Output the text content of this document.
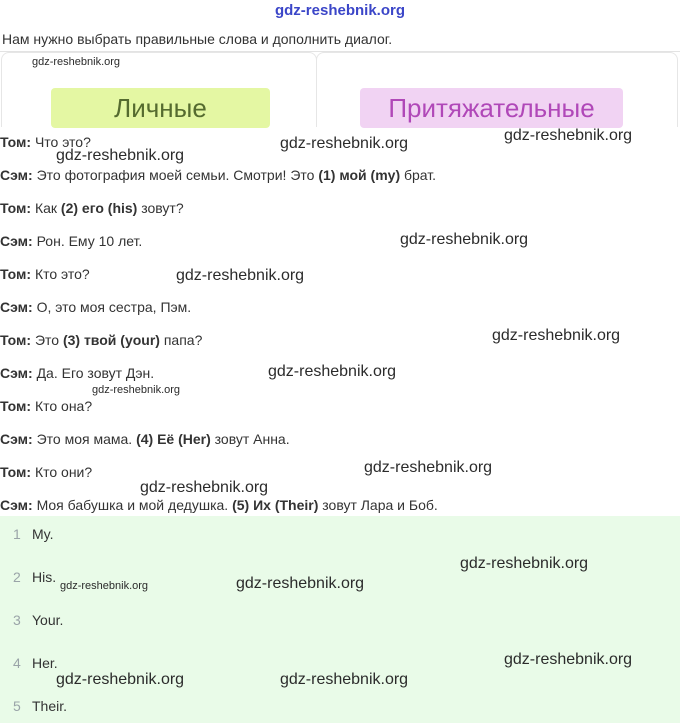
gdz-reshebnik.org
Нам нужно выбрать правильные слова и дополнить диалог.
Личные	Притяжательные
Том: Что это?
Сэм: Это фотография моей семьи. Смотри! Это (1) мой (my) брат.
Том: Как (2) его (his) зовут?
Сэм: Рон. Ему 10 лет.
Том: Кто это?
Сэм: О, это моя сестра, Пэм.
Том: Это (3) твой (your) папа?
Сэм: Да. Его зовут Дэн.
Том: Кто она?
Сэм: Это моя мама. (4) Её (Her) зовут Анна.
Том: Кто они?
Сэм: Моя бабушка и мой дедушка. (5) Их (Their) зовут Лара и Боб.
1 My.
2 His.
3 Your.
4 Her.
5 Their.
gdz-reshebnik.org
gdz-reshebnik.org
gdz-reshebnik.org
gdz-reshebnik.org
gdz-reshebnik.org
gdz-reshebnik.org
gdz-reshebnik.org
gdz-reshebnik.org
gdz-reshebnik.org
gdz-reshebnik.org
gdz-reshebnik.org
gdz-reshebnik.org
gdz-reshebnik.org	gdz-reshebnik.org
gdz-reshebnik.org
gdz-reshebnik.org	gdz-reshebnik.org
